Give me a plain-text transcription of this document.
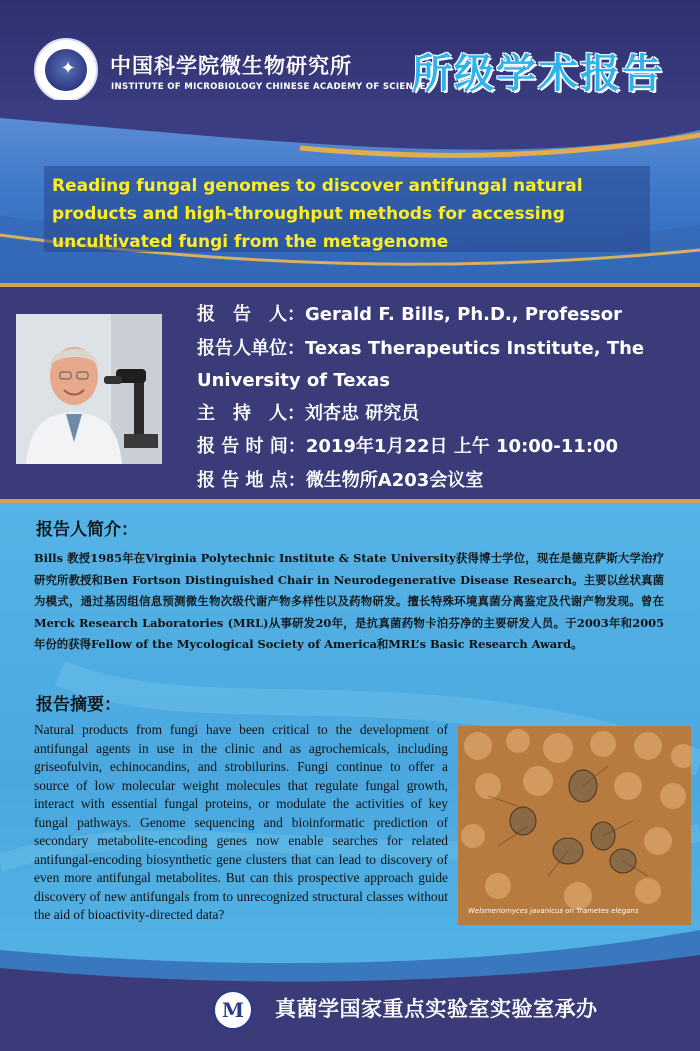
✦	中国科学院微生物研究所
INSTITUTE OF MICROBIOLOGY CHINESE ACADEMY OF SCIENCES
所级学术报告
Reading fungal genomes to discover antifungal natural products and high-throughput methods for accessing uncultivated fungi from the metagenome
报　告　人：Gerald F. Bills, Ph.D., Professor
报告人单位：Texas Therapeutics Institute, The
University of Texas
主　持　人：刘杏忠 研究员
报 告 时 间：2019年1月22日 上午 10:00-11:00
报 告 地 点：微生物所A203会议室
报告人简介：
Bills 教授1985年在Virginia Polytechnic Institute & State University获得博士学位，现在是德克萨斯大学治疗研究所教授和Ben Fortson Distinguished Chair in Neurodegenerative Disease Research。主要以丝状真菌为模式，通过基因组信息预测微生物次级代谢产物多样性以及药物研发。擅长特殊环境真菌分离鉴定及代谢产物发现。曾在Merck Research Laboratories (MRL)从事研发20年，是抗真菌药物卡泊芬净的主要研发人员。于2003年和2005年份的获得Fellow of the Mycological Society of America和MRL’s Basic Research Award。
报告摘要：
Natural products from fungi have been critical to the development of antifungal agents in use in the clinic and as agrochemicals, including griseofulvin, echinocandins, and strobilurins. Fungi continue to offer a source of low molecular weight molecules that regulate fungal growth, interact with essential fungal proteins, or modulate the activities of key fungal pathways. Genome sequencing and bioinformatic prediction of secondary metabolite-encoding genes now enable searches for related antifungal-encoding biosynthetic gene clusters that can lead to discovery of even more antifungal metabolites. But can this prospective approach guide discovery of new antifungals from to unrecognized structural classes without the aid of bioactivity-directed data?	Welsmeriomyces javanicus on Trametes elegans
M	真菌学国家重点实验室实验室承办
